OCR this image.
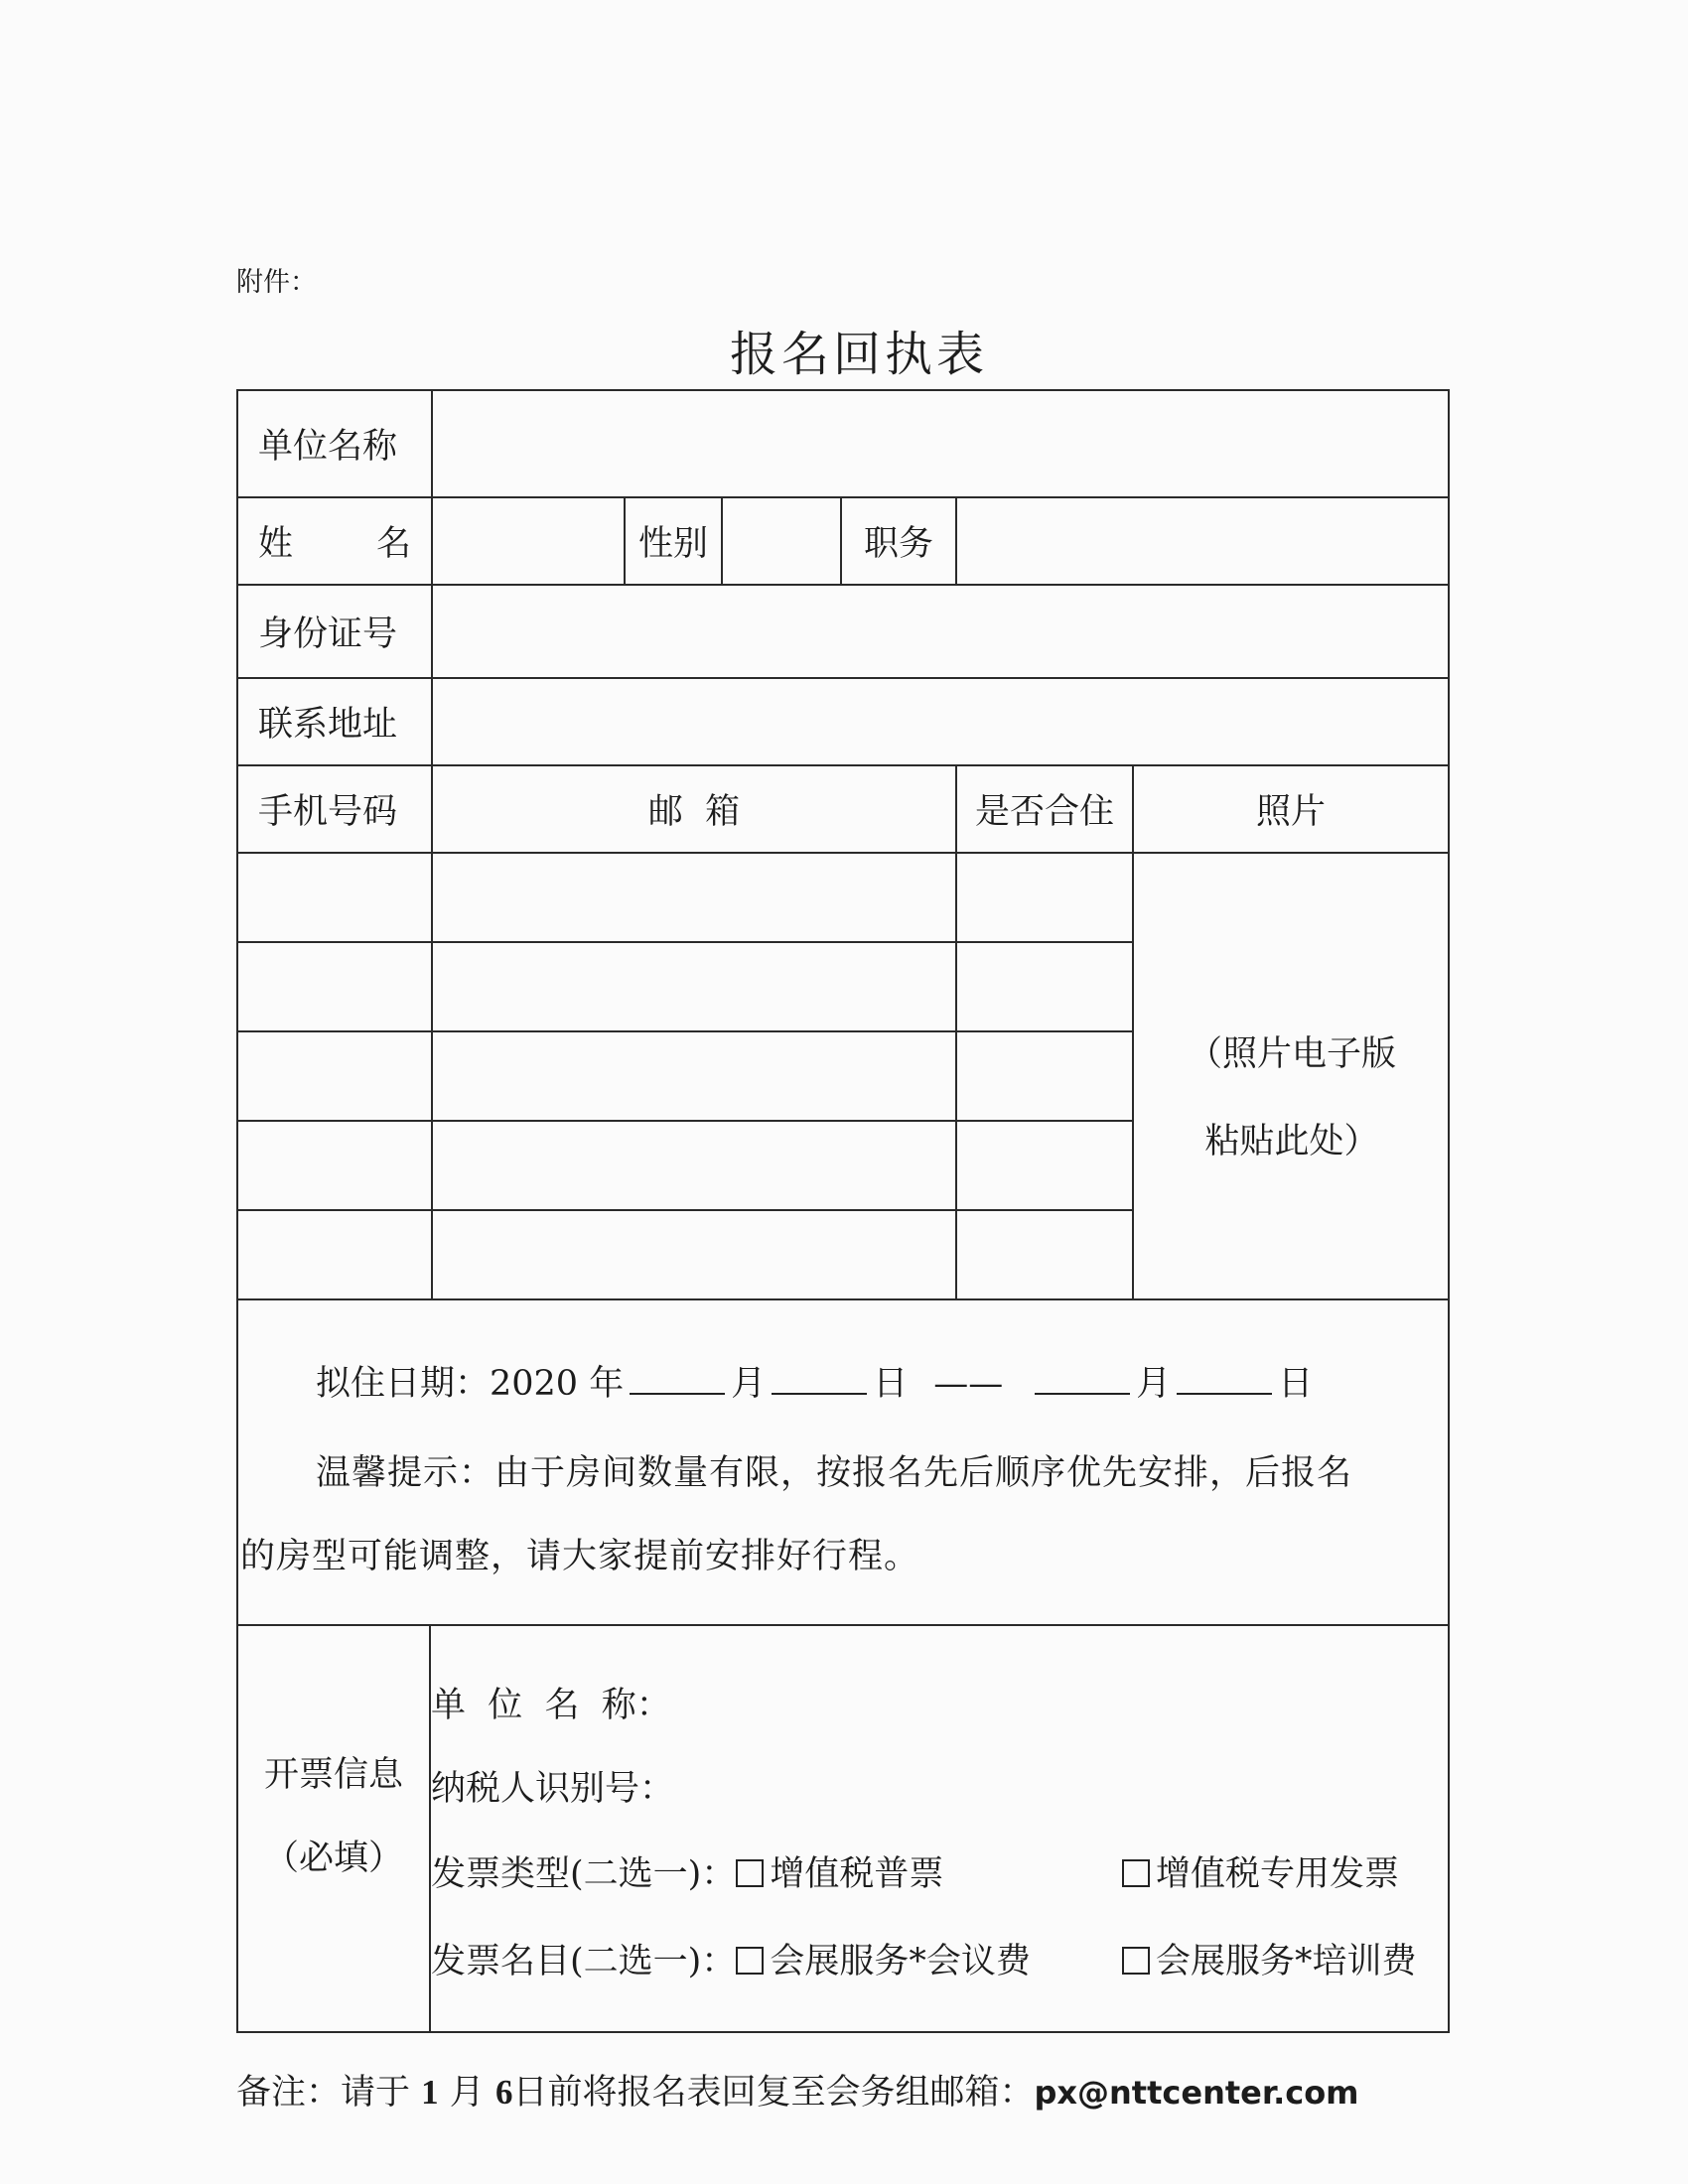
附件：
报名回执表
单位名称
姓 名	性别	职务
身份证号
联系地址
手机号码	邮  箱	是否合住	照片
（照片电子版
粘贴此处）
拟住日期：2020 年	月	日 ——	月	日
温馨提示：由于房间数量有限，按报名先后顺序优先安排，后报名
的房型可能调整，请大家提前安排好行程。
开票信息
（必填）
单  位  名  称：
纳税人识别号：
发票类型(二选一)： 增值税普票	增值税专用发票
发票名目(二选一)： 会展服务*会议费	会展服务*培训费
备注：请于 1 月 6日前将报名表回复至会务组邮箱：px@nttcenter.com
